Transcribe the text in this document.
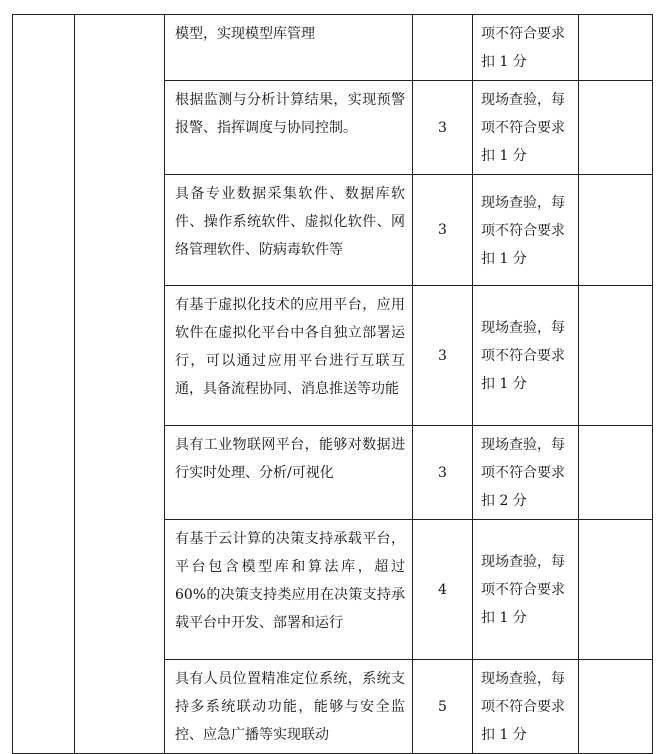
		模型，实现模型库管理		项不符合要求扣 1 分	
		根据监测与分析计算结果，实现预警报警、指挥调度与协同控制。	3	现场查验，每项不符合要求扣 1 分	
		具备专业数据采集软件、数据库软件、操作系统软件、虚拟化软件、网络管理软件、防病毒软件等	3	现场查验，每项不符合要求扣 1 分	
		有基于虚拟化技术的应用平台，应用软件在虚拟化平台中各自独立部署运行，可以通过应用平台进行互联互通，具备流程协同、消息推送等功能	3	现场查验，每项不符合要求扣 1 分	
		具有工业物联网平台，能够对数据进行实时处理、分析/可视化	3	现场查验，每项不符合要求扣 2 分	
		有基于云计算的决策支持承载平台，平台包含模型库和算法库，超过 60%的决策支持类应用在决策支持承载平台中开发、部署和运行	4	现场查验，每项不符合要求扣 1 分	
		具有人员位置精准定位系统，系统支持多系统联动功能，能够与安全监控、应急广播等实现联动	5	现场查验，每项不符合要求扣 1 分	
